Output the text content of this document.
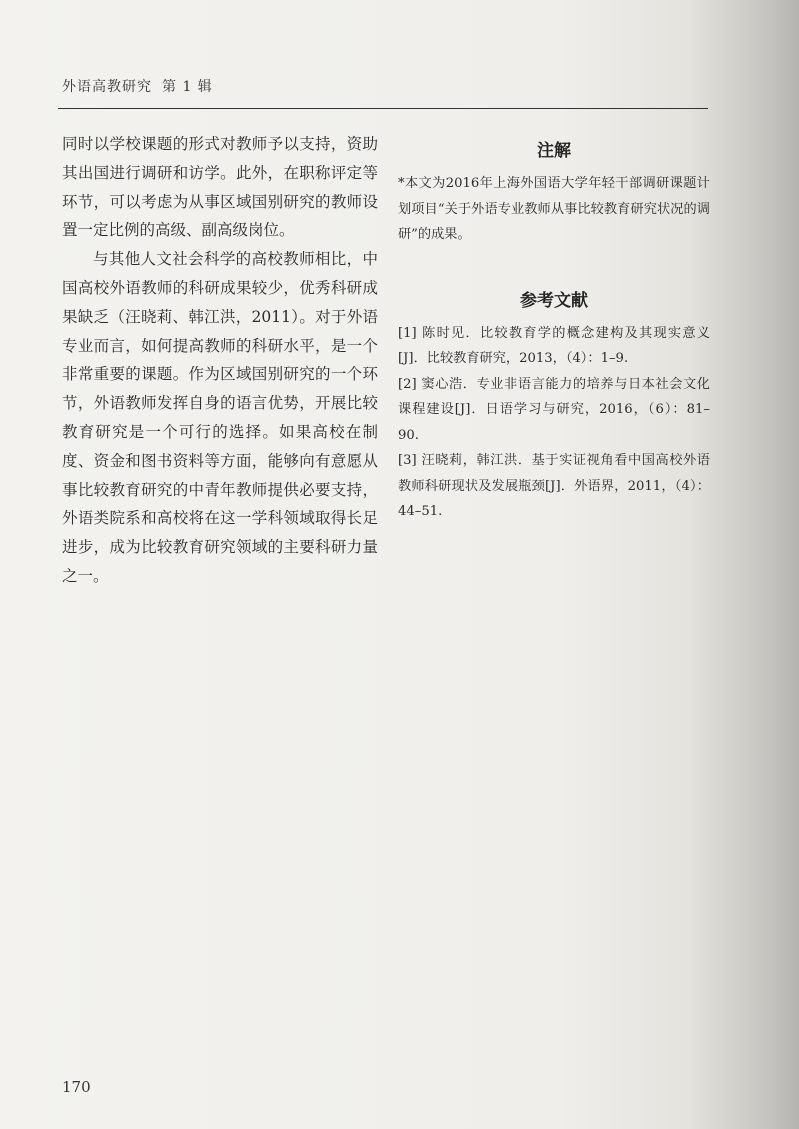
外语高教研究 第 1 辑

同时以学校课题的形式对教师予以支持，资助其出国进行调研和访学。此外，在职称评定等环节，可以考虑为从事区域国别研究的教师设置一定比例的高级、副高级岗位。

与其他人文社会科学的高校教师相比，中国高校外语教师的科研成果较少，优秀科研成果缺乏（汪晓莉、韩江洪，2011）。对于外语专业而言，如何提高教师的科研水平，是一个非常重要的课题。作为区域国别研究的一个环节，外语教师发挥自身的语言优势，开展比较教育研究是一个可行的选择。如果高校在制度、资金和图书资料等方面，能够向有意愿从事比较教育研究的中青年教师提供必要支持，外语类院系和高校将在这一学科领域取得长足进步，成为比较教育研究领域的主要科研力量之一。

注解

*本文为2016年上海外国语大学年轻干部调研课题计划项目“关于外语专业教师从事比较教育研究状况的调研”的成果。

参考文献

[1] 陈时见．比较教育学的概念建构及其现实意义[J]．比较教育研究，2013，（4）：1–9.

[2] 窦心浩．专业非语言能力的培养与日本社会文化课程建设[J]．日语学习与研究，2016，（6）：81–90.

[3] 汪晓莉，韩江洪．基于实证视角看中国高校外语教师科研现状及发展瓶颈[J]．外语界，2011，（4）：44–51.

170
